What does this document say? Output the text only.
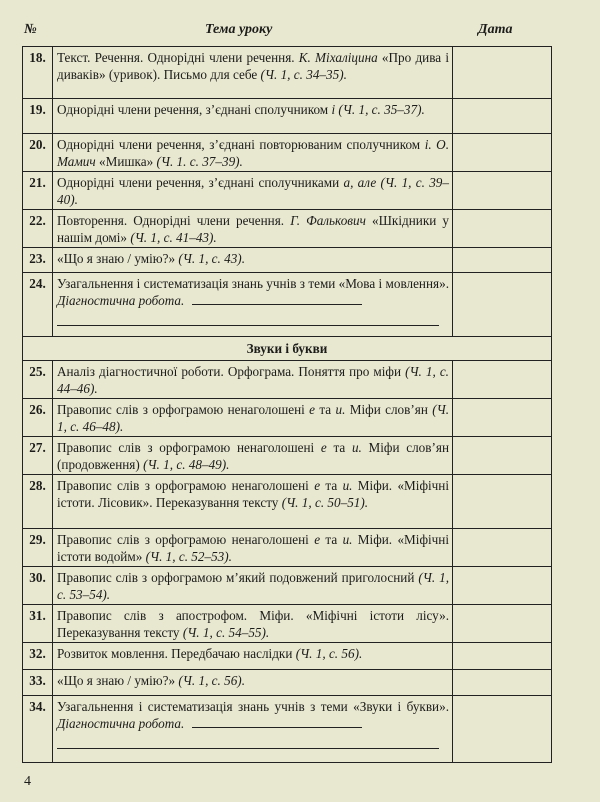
№	Тема уроку	Дата
18.	Текст. Речення. Однорідні члени речення. К. Міхаліцина «Про дива і диваків» (уривок). Письмо для себе (Ч. 1, с. 34–35).	
19.	Однорідні члени речення, з’єднані сполучником і (Ч. 1, с. 35–37).	
20.	Однорідні члени речення, з’єднані повторюваним сполучником і. О. Мамич «Мишка» (Ч. 1. с. 37–39).	
21.	Однорідні члени речення, з’єднані сполучниками а, але (Ч. 1, с. 39–40).	
22.	Повторення. Однорідні члени речення. Г. Фалькович «Шкідники у нашім домі» (Ч. 1, с. 41–43).	
23.	«Що я знаю / умію?» (Ч. 1, с. 43).	
24.	Узагальнення і систематизація знань учнів з теми «Мова і мовлення». Діагностична робота.

Звуки і букви		
25.	Аналіз діагностичної роботи. Орфограма. Поняття про міфи (Ч. 1, с. 44–46).	
26.	Правопис слів з орфограмою ненаголошені е та и. Міфи слов’ян (Ч. 1, с. 46–48).	
27.	Правопис слів з орфограмою ненаголошені е та и. Міфи слов’ян (продовження) (Ч. 1, с. 48–49).	
28.	Правопис слів з орфограмою ненаголошені е та и. Міфи. «Міфічні істоти. Лісовик». Переказування тексту (Ч. 1, с. 50–51).	
29.	Правопис слів з орфограмою ненаголошені е та и. Міфи. «Міфічні істоти водойм» (Ч. 1, с. 52–53).	
30.	Правопис слів з орфограмою м’який подовжений приголосний (Ч. 1, с. 53–54).	
31.	Правопис слів з апострофом. Міфи. «Міфічні істоти лісу». Переказування тексту (Ч. 1, с. 54–55).	
32.	Розвиток мовлення. Передбачаю наслідки (Ч. 1, с. 56).	
33.	«Що я знаю / умію?» (Ч. 1, с. 56).	
34.	Узагальнення і систематизація знань учнів з теми «Звуки і букви». Діагностична робота.

4
